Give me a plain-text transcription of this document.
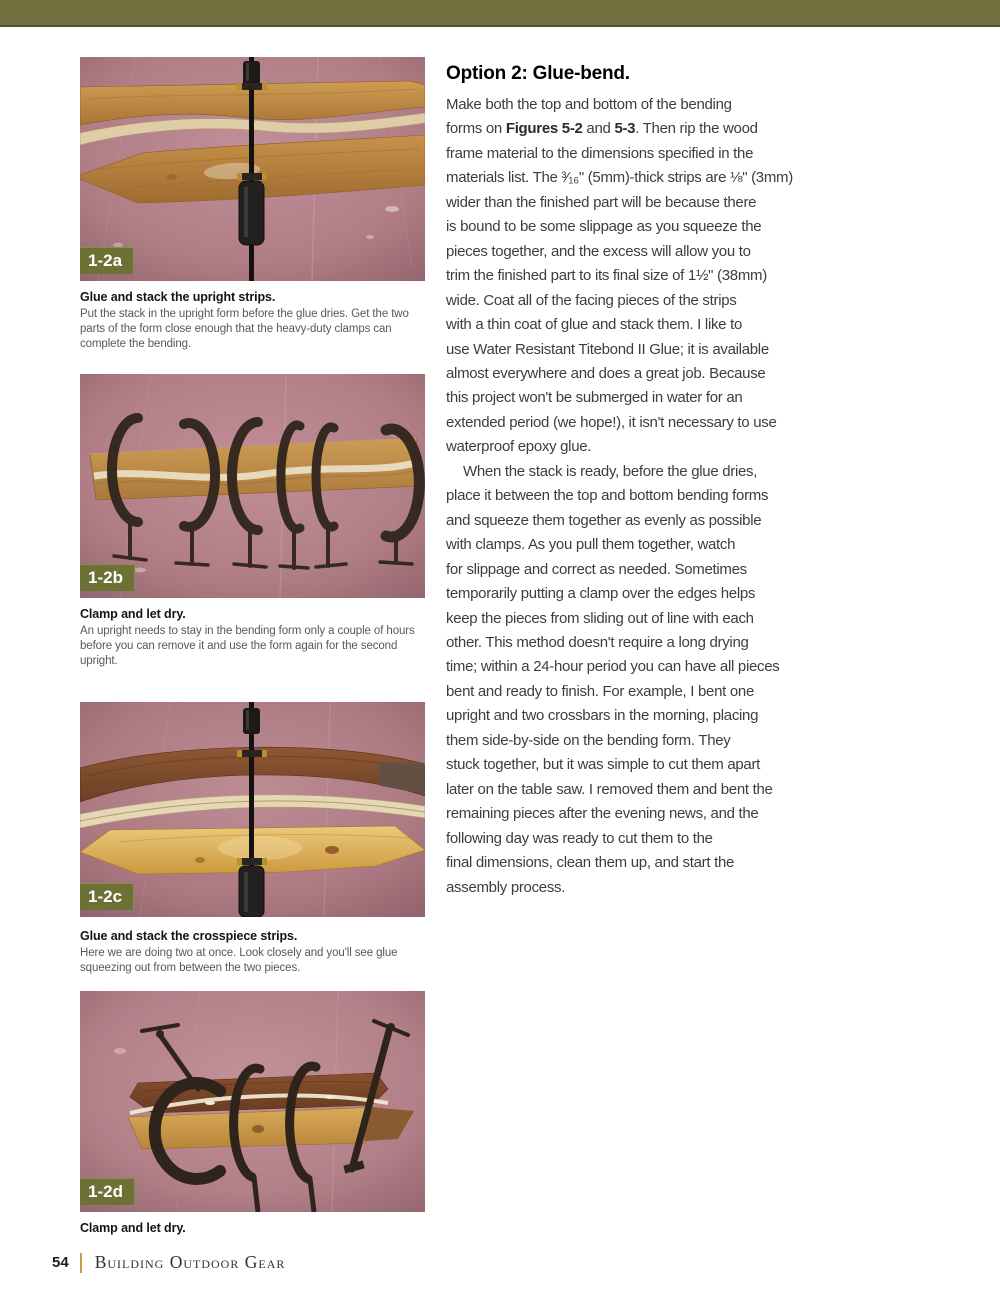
1-2a
Glue and stack the upright strips.

Put the stack in the upright form before the glue dries. Get the two parts of the form close enough that the heavy-duty clamps can complete the bending.

1-2b
Clamp and let dry.

An upright needs to stay in the bending form only a couple of hours before you can remove it and use the form again for the second upright.

1-2c
Glue and stack the crosspiece strips.

Here we are doing two at once. Look closely and you'll see glue squeezing out from between the two pieces.

1-2d
Clamp and let dry.

Option 2: Glue-bend.
Make both the top and bottom of the bending
forms on Figures 5-2 and 5-3. Then rip the wood
frame material to the dimensions specified in the
materials list. The ³⁄₁₆" (5mm)-thick strips are ⅛" (3mm)
wider than the finished part will be because there
is bound to be some slippage as you squeeze the
pieces together, and the excess will allow you to
trim the finished part to its final size of 1½" (38mm)
wide. Coat all of the facing pieces of the strips
with a thin coat of glue and stack them. I like to
use Water Resistant Titebond II Glue; it is available
almost everywhere and does a great job. Because
this project won't be submerged in water for an
extended period (we hope!), it isn't necessary to use
waterproof epoxy glue.
When the stack is ready, before the glue dries,
place it between the top and bottom bending forms
and squeeze them together as evenly as possible
with clamps. As you pull them together, watch
for slippage and correct as needed. Sometimes
temporarily putting a clamp over the edges helps
keep the pieces from sliding out of line with each
other. This method doesn't require a long drying
time; within a 24-hour period you can have all pieces
bent and ready to finish. For example, I bent one
upright and two crossbars in the morning, placing
them side-by-side on the bending form. They
stuck together, but it was simple to cut them apart
later on the table saw. I removed them and bent the
remaining pieces after the evening news, and the
following day was ready to cut them to the
final dimensions, clean them up, and start the
assembly process.
54 Building Outdoor Gear
